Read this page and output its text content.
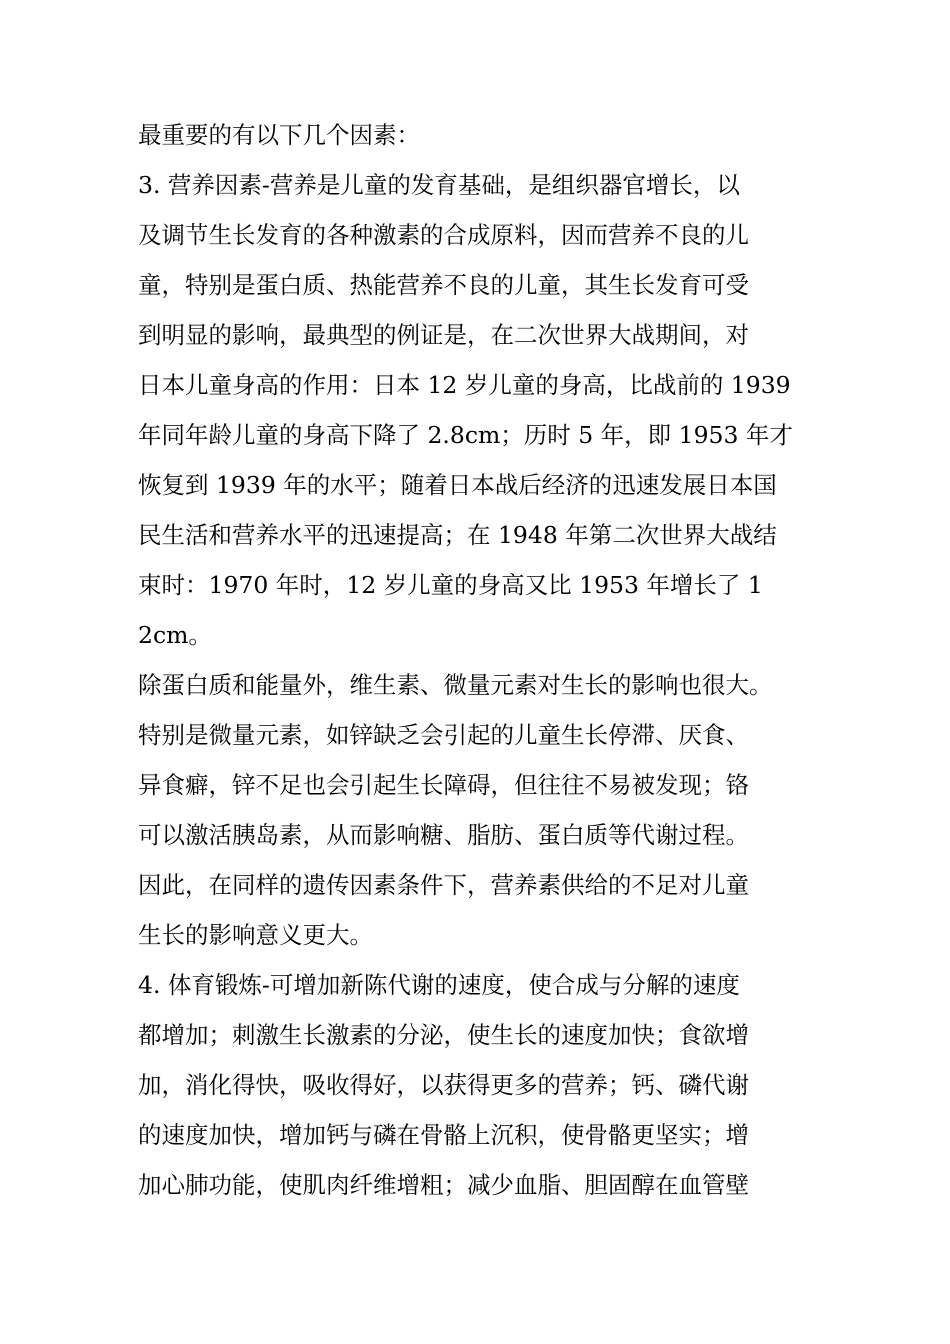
最重要的有以下几个因素：
3. 营养因素-营养是儿童的发育基础，是组织器官增长，以
及调节生长发育的各种激素的合成原料，因而营养不良的儿
童，特别是蛋白质、热能营养不良的儿童，其生长发育可受
到明显的影响，最典型的例证是，在二次世界大战期间，对
日本儿童身高的作用：日本 12 岁儿童的身高，比战前的 1939
年同年龄儿童的身高下降了 2.8cm；历时 5 年，即 1953 年才
恢复到 1939 年的水平；随着日本战后经济的迅速发展日本国
民生活和营养水平的迅速提高；在 1948 年第二次世界大战结
束时：1970 年时，12 岁儿童的身高又比 1953 年增长了 1
2cm。
除蛋白质和能量外，维生素、微量元素对生长的影响也很大。
特别是微量元素，如锌缺乏会引起的儿童生长停滞、厌食、
异食癖，锌不足也会引起生长障碍，但往往不易被发现；铬
可以激活胰岛素，从而影响糖、脂肪、蛋白质等代谢过程。
因此，在同样的遗传因素条件下，营养素供给的不足对儿童
生长的影响意义更大。
4. 体育锻炼-可增加新陈代谢的速度，使合成与分解的速度
都增加；刺激生长激素的分泌，使生长的速度加快；食欲增
加，消化得快，吸收得好，以获得更多的营养；钙、磷代谢
的速度加快，增加钙与磷在骨骼上沉积，使骨骼更坚实；增
加心肺功能，使肌肉纤维增粗；减少血脂、胆固醇在血管壁
